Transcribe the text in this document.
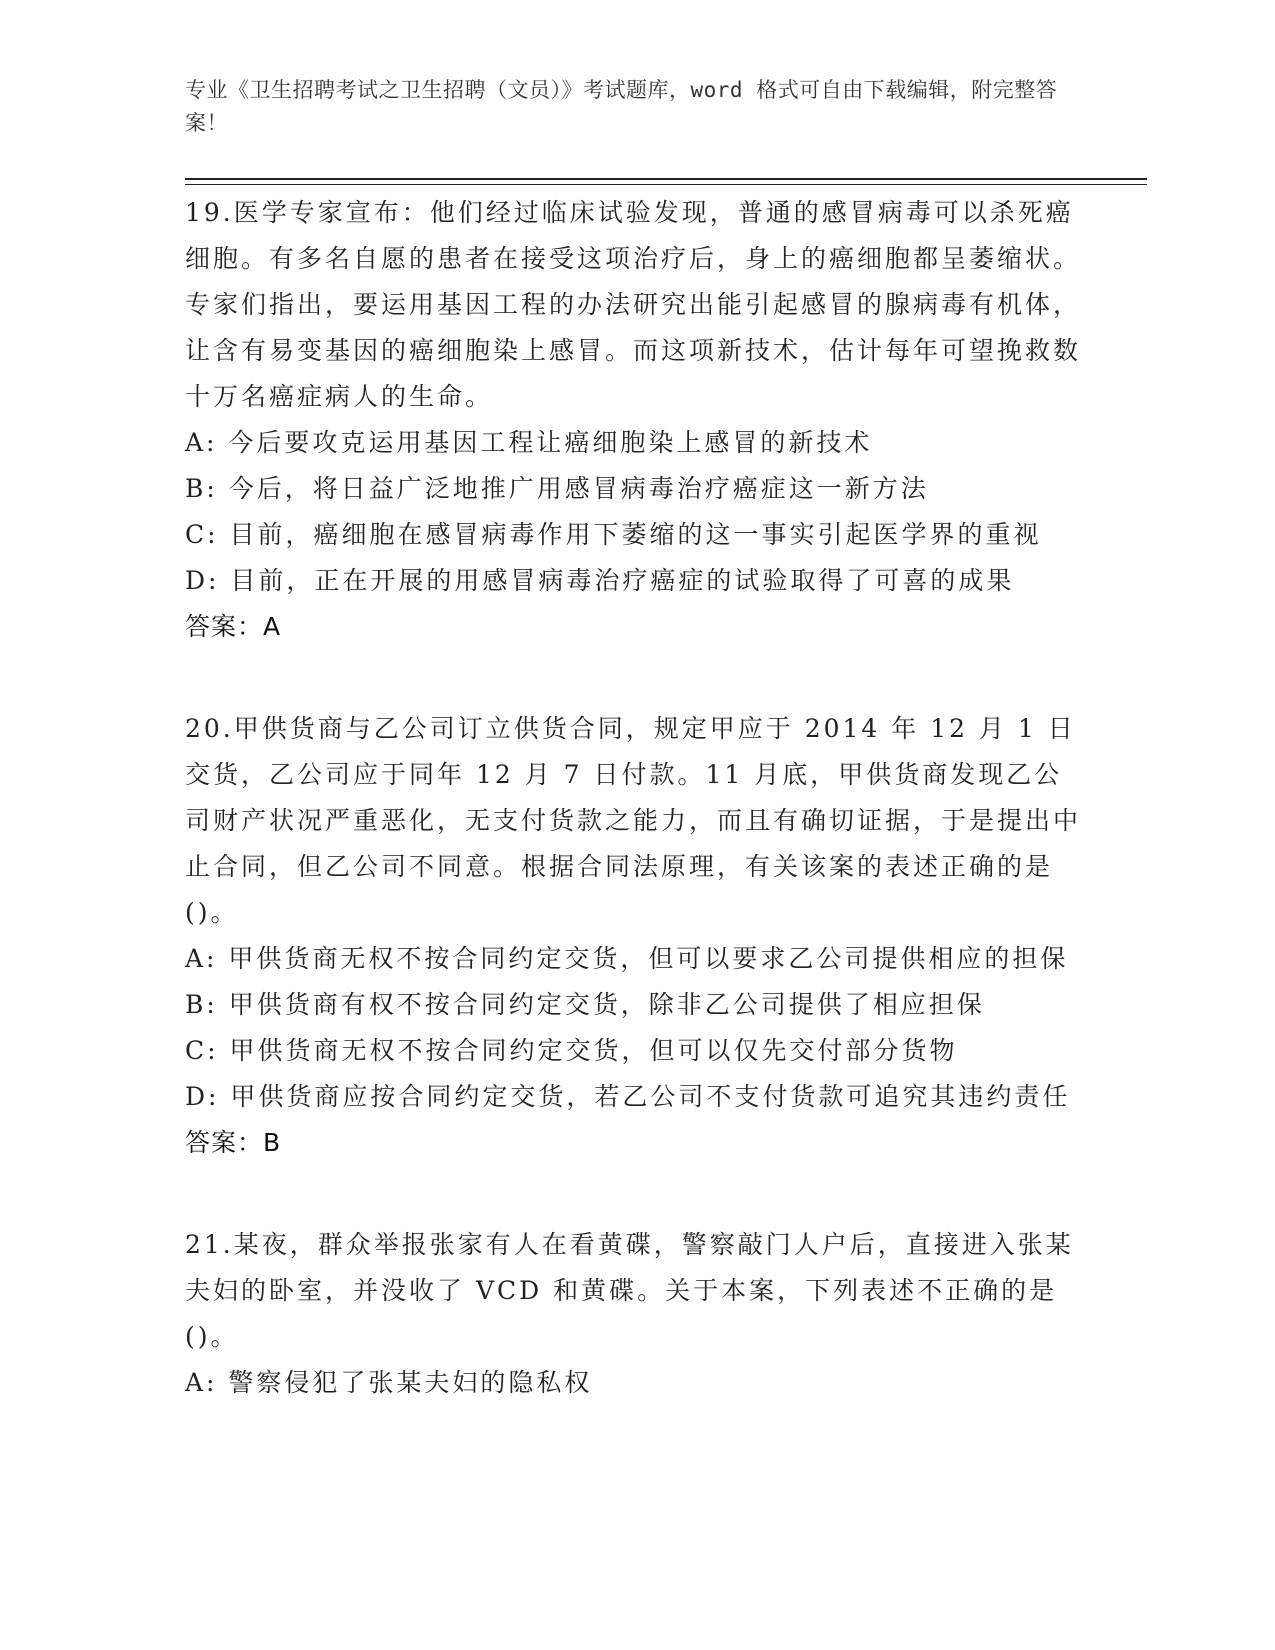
专业《卫生招聘考试之卫生招聘（文员）》考试题库，word 格式可自由下载编辑，附完整答案！

19.医学专家宣布：他们经过临床试验发现，普通的感冒病毒可以杀死癌细胞。有多名自愿的患者在接受这项治疗后，身上的癌细胞都呈萎缩状。专家们指出，要运用基因工程的办法研究出能引起感冒的腺病毒有机体，让含有易变基因的癌细胞染上感冒。而这项新技术，估计每年可望挽救数十万名癌症病人的生命。

A: 今后要攻克运用基因工程让癌细胞染上感冒的新技术

B: 今后，将日益广泛地推广用感冒病毒治疗癌症这一新方法

C: 目前，癌细胞在感冒病毒作用下萎缩的这一事实引起医学界的重视

D: 目前，正在开展的用感冒病毒治疗癌症的试验取得了可喜的成果

答案：A

20.甲供货商与乙公司订立供货合同，规定甲应于 2014 年 12 月 1 日交货，乙公司应于同年 12 月 7 日付款。11 月底，甲供货商发现乙公司财产状况严重恶化，无支付货款之能力，而且有确切证据，于是提出中止合同，但乙公司不同意。根据合同法原理，有关该案的表述正确的是()。

A: 甲供货商无权不按合同约定交货，但可以要求乙公司提供相应的担保

B: 甲供货商有权不按合同约定交货，除非乙公司提供了相应担保

C: 甲供货商无权不按合同约定交货，但可以仅先交付部分货物

D: 甲供货商应按合同约定交货，若乙公司不支付货款可追究其违约责任

答案：B

21.某夜，群众举报张家有人在看黄碟，警察敲门人户后，直接进入张某夫妇的卧室，并没收了 VCD 和黄碟。关于本案，下列表述不正确的是()。

A: 警察侵犯了张某夫妇的隐私权
